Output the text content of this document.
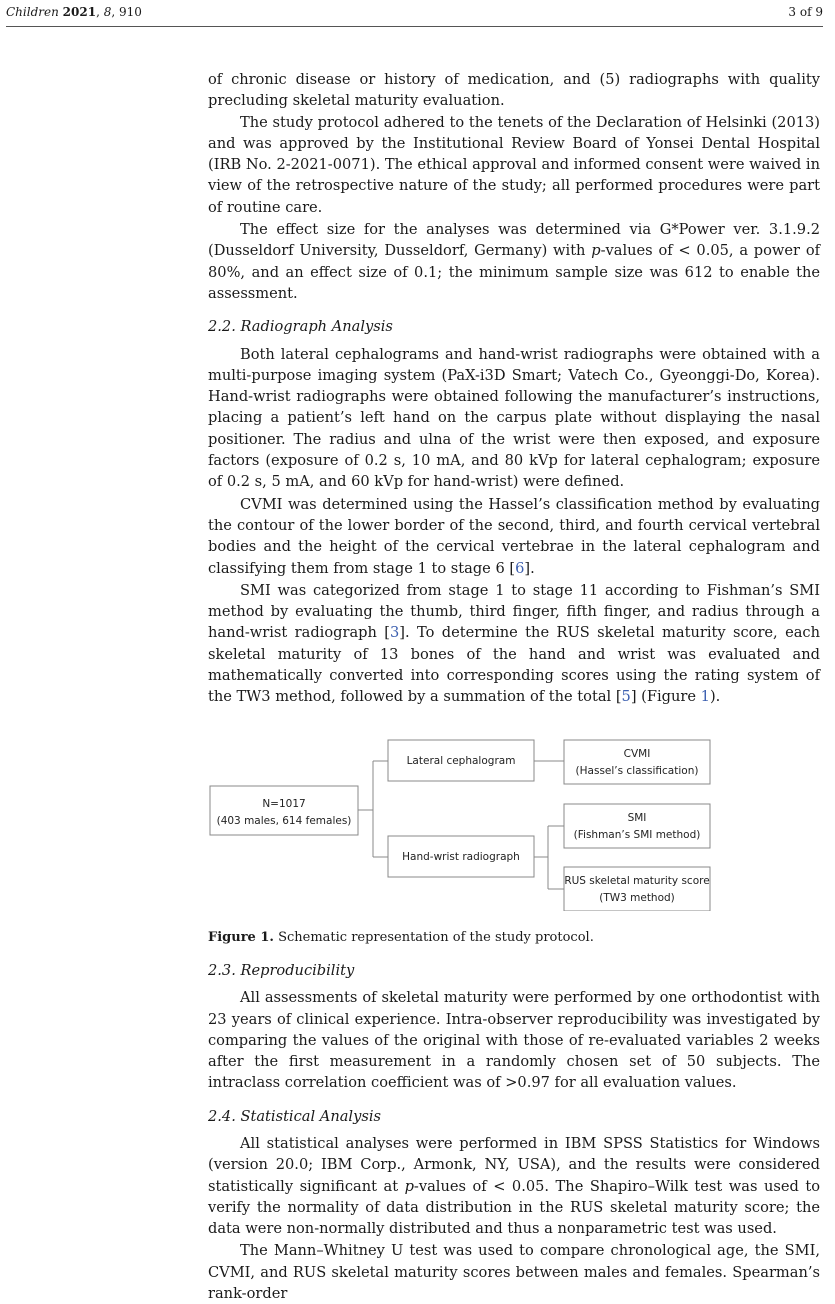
Children 2021, 8, 910	3 of 9

of chronic disease or history of medication, and (5) radiographs with quality precluding skeletal maturity evaluation.

The study protocol adhered to the tenets of the Declaration of Helsinki (2013) and was approved by the Institutional Review Board of Yonsei Dental Hospital (IRB No. 2-2021-0071). The ethical approval and informed consent were waived in view of the retrospective nature of the study; all performed procedures were part of routine care.

The effect size for the analyses was determined via G*Power ver. 3.1.9.2 (Dusseldorf University, Dusseldorf, Germany) with p-values of < 0.05, a power of 80%, and an effect size of 0.1; the minimum sample size was 612 to enable the assessment.

2.2. Radiograph Analysis

Both lateral cephalograms and hand-wrist radiographs were obtained with a multi-purpose imaging system (PaX-i3D Smart; Vatech Co., Gyeonggi-Do, Korea). Hand-wrist radiographs were obtained following the manufacturer’s instructions, placing a patient’s left hand on the carpus plate without displaying the nasal positioner. The radius and ulna of the wrist were then exposed, and exposure factors (exposure of 0.2 s, 10 mA, and 80 kVp for lateral cephalogram; exposure of 0.2 s, 5 mA, and 60 kVp for hand-wrist) were defined.

CVMI was determined using the Hassel’s classification method by evaluating the contour of the lower border of the second, third, and fourth cervical vertebral bodies and the height of the cervical vertebrae in the lateral cephalogram and classifying them from stage 1 to stage 6 [6].

SMI was categorized from stage 1 to stage 11 according to Fishman’s SMI method by evaluating the thumb, third finger, fifth finger, and radius through a hand-wrist radiograph [3]. To determine the RUS skeletal maturity score, each skeletal maturity of 13 bones of the hand and wrist was evaluated and mathematically converted into corresponding scores using the rating system of the TW3 method, followed by a summation of the total [5] (Figure 1).

N=1017
(403 males, 614 females)
Lateral cephalogram
Hand-wrist radiograph
CVMI
(Hassel’s classification)
SMI
(Fishman’s SMI method)
RUS skeletal maturity score
(TW3 method)

Figure 1. Schematic representation of the study protocol.

2.3. Reproducibility

All assessments of skeletal maturity were performed by one orthodontist with 23 years of clinical experience. Intra-observer reproducibility was investigated by comparing the values of the original with those of re-evaluated variables 2 weeks after the first measurement in a randomly chosen set of 50 subjects. The intraclass correlation coefficient was of >0.97 for all evaluation values.

2.4. Statistical Analysis

All statistical analyses were performed in IBM SPSS Statistics for Windows (version 20.0; IBM Corp., Armonk, NY, USA), and the results were considered statistically significant at p-values of < 0.05. The Shapiro–Wilk test was used to verify the normality of data distribution in the RUS skeletal maturity score; the data were non-normally distributed and thus a nonparametric test was used.

The Mann–Whitney U test was used to compare chronological age, the SMI, CVMI, and RUS skeletal maturity scores between males and females. Spearman’s rank-order
